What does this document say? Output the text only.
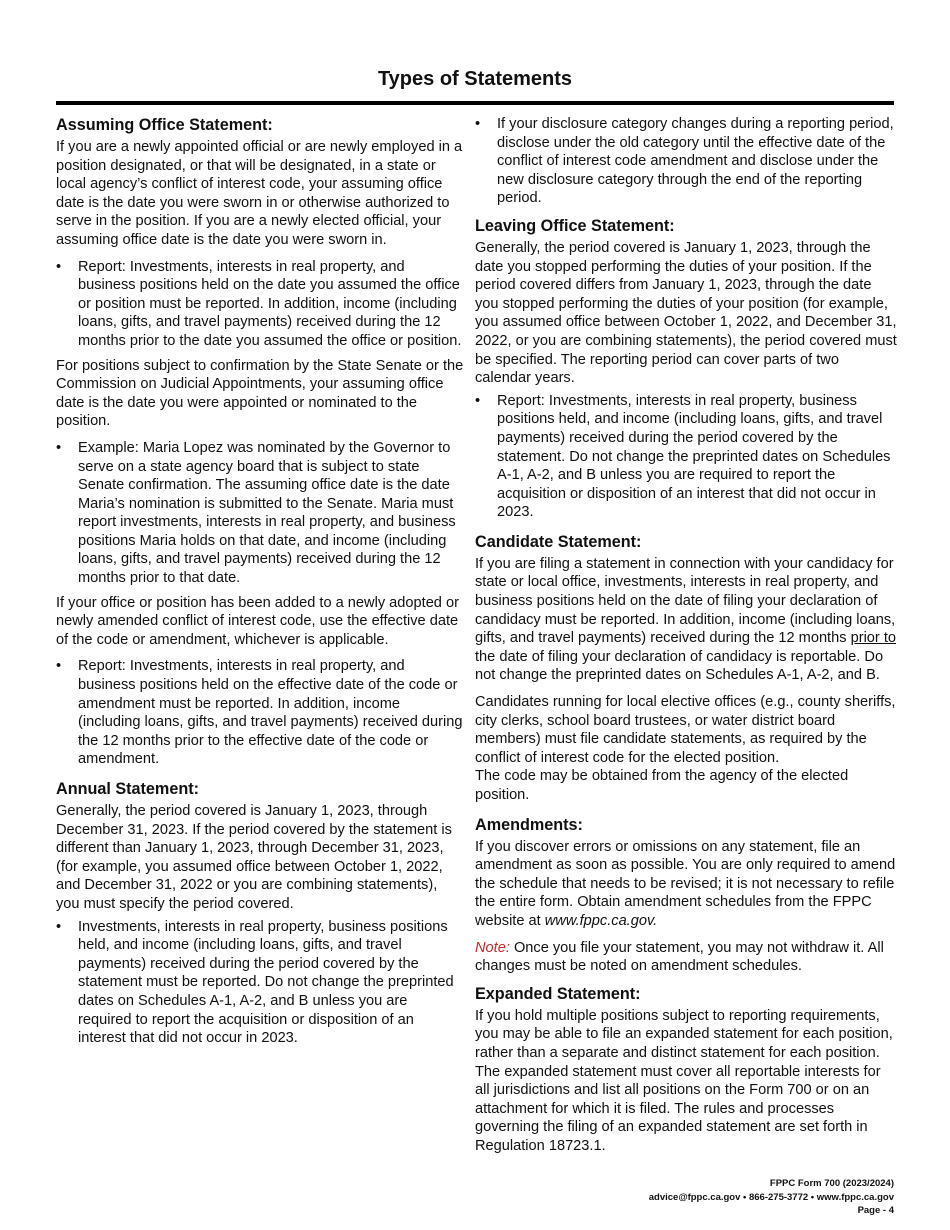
Types of Statements
Assuming Office Statement:

If you are a newly appointed official or are newly employed in a position designated, or that will be designated, in a state or local agency’s conflict of interest code, your assuming office date is the date you were sworn in or otherwise authorized to serve in the position. If you are a newly elected official, your assuming office date is the date you were sworn in.

• Report: Investments, interests in real property, and business positions held on the date you assumed the office or position must be reported. In addition, income (including loans, gifts, and travel payments) received during the 12 months prior to the date you assumed the office or position.

For positions subject to confirmation by the State Senate or the Commission on Judicial Appointments, your assuming office date is the date you were appointed or nominated to the position.

• Example: Maria Lopez was nominated by the Governor to serve on a state agency board that is subject to state Senate confirmation. The assuming office date is the date Maria’s nomination is submitted to the Senate. Maria must report investments, interests in real property, and business positions Maria holds on that date, and income (including loans, gifts, and travel payments) received during the 12 months prior to that date.

If your office or position has been added to a newly adopted or newly amended conflict of interest code, use the effective date of the code or amendment, whichever is applicable.

• Report: Investments, interests in real property, and business positions held on the effective date of the code or amendment must be reported. In addition, income (including loans, gifts, and travel payments) received during the 12 months prior to the effective date of the code or amendment.
Annual Statement:

Generally, the period covered is January 1, 2023, through December 31, 2023. If the period covered by the statement is different than January 1, 2023, through December 31, 2023, (for example, you assumed office between October 1, 2022, and December 31, 2022 or you are combining statements), you must specify the period covered.

• Investments, interests in real property, business positions held, and income (including loans, gifts, and travel payments) received during the period covered by the statement must be reported. Do not change the preprinted dates on Schedules A-1, A-2, and B unless you are required to report the acquisition or disposition of an interest that did not occur in 2023.
• If your disclosure category changes during a reporting period, disclose under the old category until the effective date of the conflict of interest code amendment and disclose under the new disclosure category through the end of the reporting period.
Leaving Office Statement:

Generally, the period covered is January 1, 2023, through the date you stopped performing the duties of your position. If the period covered differs from January 1, 2023, through the date you stopped performing the duties of your position (for example, you assumed office between October 1, 2022, and December 31, 2022, or you are combining statements), the period covered must be specified. The reporting period can cover parts of two calendar years.

• Report: Investments, interests in real property, business positions held, and income (including loans, gifts, and travel payments) received during the period covered by the statement. Do not change the preprinted dates on Schedules A-1, A-2, and B unless you are required to report the acquisition or disposition of an interest that did not occur in 2023.
Candidate Statement:

If you are filing a statement in connection with your candidacy for state or local office, investments, interests in real property, and business positions held on the date of filing your declaration of candidacy must be reported. In addition, income (including loans, gifts, and travel payments) received during the 12 months prior to the date of filing your declaration of candidacy is reportable. Do not change the preprinted dates on Schedules A-1, A-2, and B.

Candidates running for local elective offices (e.g., county sheriffs, city clerks, school board trustees, or water district board members) must file candidate statements, as required by the conflict of interest code for the elected position.

The code may be obtained from the agency of the elected position.

Amendments:

If you discover errors or omissions on any statement, file an amendment as soon as possible. You are only required to amend the schedule that needs to be revised; it is not necessary to refile the entire form. Obtain amendment schedules from the FPPC website at www.fppc.ca.gov.

Note: Once you file your statement, you may not withdraw it. All changes must be noted on amendment schedules.

Expanded Statement:

If you hold multiple positions subject to reporting requirements, you may be able to file an expanded statement for each position, rather than a separate and distinct statement for each position. The expanded statement must cover all reportable interests for all jurisdictions and list all positions on the Form 700 or on an attachment for which it is filed. The rules and processes governing the filing of an expanded statement are set forth in Regulation 18723.1.

FPPC Form 700 (2023/2024)
advice@fppc.ca.gov • 866-275-3772 • www.fppc.ca.gov
Page - 4
